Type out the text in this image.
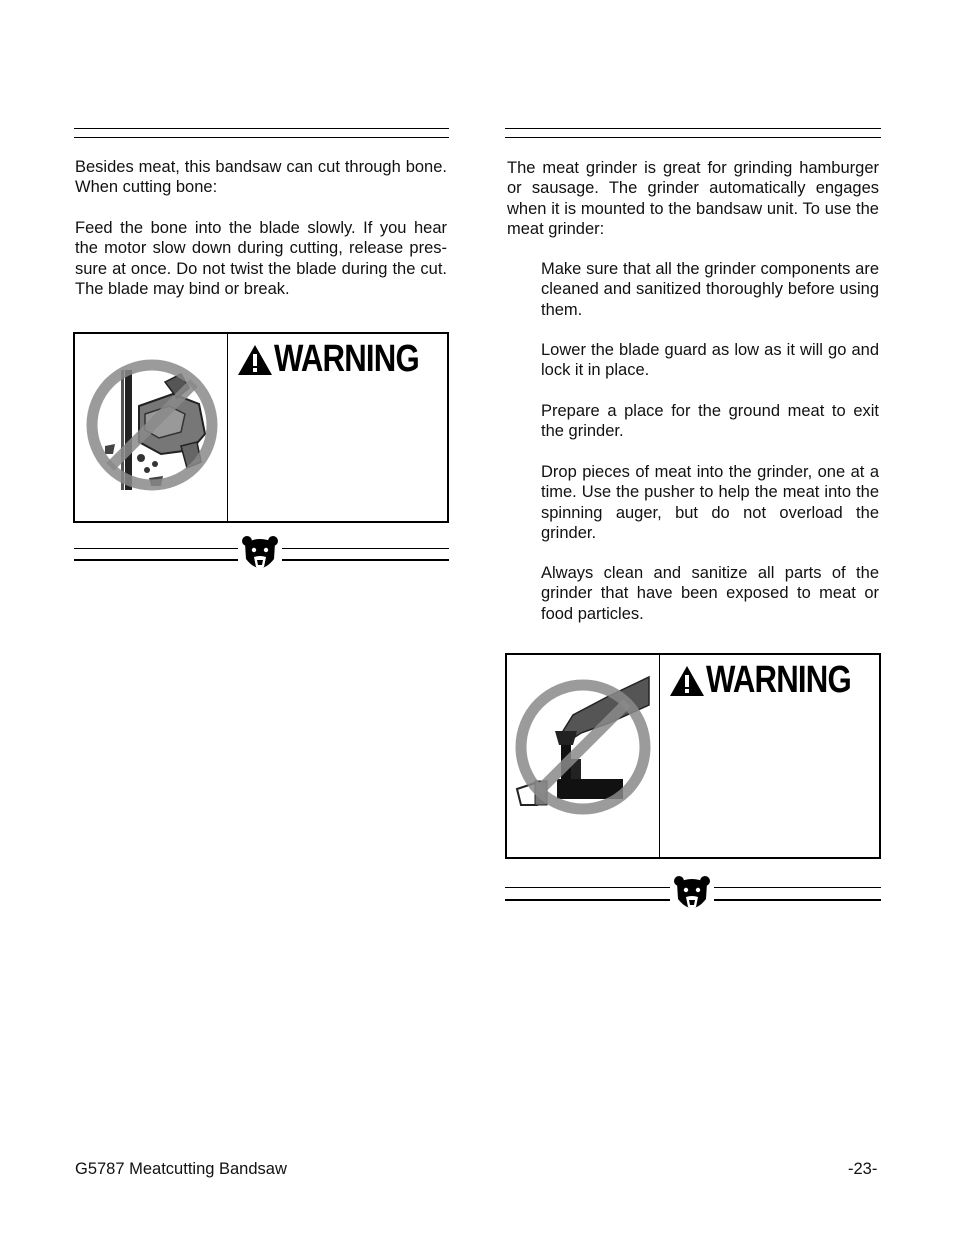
Besides meat, this bandsaw can cut through bone. When cutting bone:

Feed the bone into the blade slowly. If you hear the motor slow down during cutting, release pres-sure at once. Do not twist the blade during the cut. The blade may bind or break.

WARNING

The meat grinder is great for grinding hamburger or sausage. The grinder automatically engages when it is mounted to the bandsaw unit. To use the meat grinder:

Make sure that all the grinder components are cleaned and sanitized thoroughly before using them.

Lower the blade guard as low as it will go and lock it in place.

Prepare a place for the ground meat to exit the grinder.

Drop pieces of meat into the grinder, one at a time. Use the pusher to help the meat into the spinning auger, but do not overload the grinder.

Always clean and sanitize all parts of the grinder that have been exposed to meat or food particles.

WARNING
G5787 Meatcutting Bandsaw	-23-
